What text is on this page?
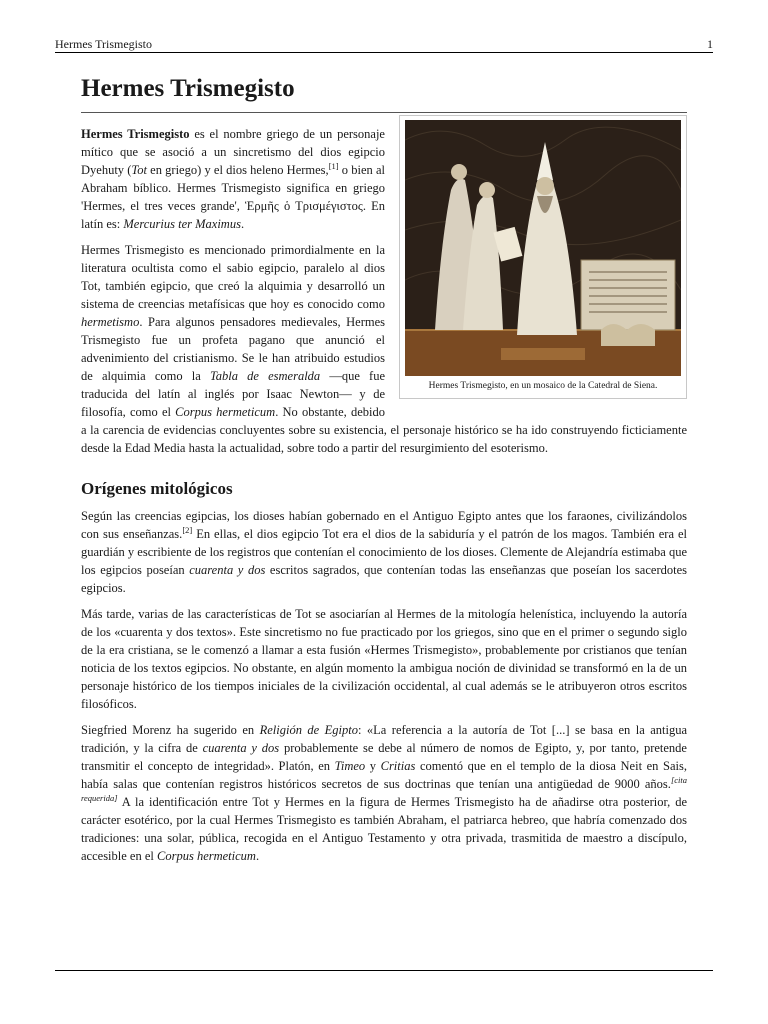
Hermes Trismegisto	1
Hermes Trismegisto
Hermes Trismegisto, en un mosaico de la Catedral de Siena.

Hermes Trismegisto es el nombre griego de un personaje mítico que se asoció a un sincretismo del dios egipcio Dyehuty (Tot en griego) y el dios heleno Hermes,[1] o bien al Abraham bíblico. Hermes Trismegisto significa en griego 'Hermes, el tres veces grande', Ἑρμῆς ὁ Τρισμέγιστος. En latín es: Mercurius ter Maximus.

Hermes Trismegisto es mencionado primordialmente en la literatura ocultista como el sabio egipcio, paralelo al dios Tot, también egipcio, que creó la alquimia y desarrolló un sistema de creencias metafísicas que hoy es conocido como hermetismo. Para algunos pensadores medievales, Hermes Trismegisto fue un profeta pagano que anunció el advenimiento del cristianismo. Se le han atribuido estudios de alquimia como la Tabla de esmeralda —que fue traducida del latín al inglés por Isaac Newton— y de filosofía, como el Corpus hermeticum. No obstante, debido a la carencia de evidencias concluyentes sobre su existencia, el personaje histórico se ha ido construyendo ficticiamente desde la Edad Media hasta la actualidad, sobre todo a partir del resurgimiento del esoterismo.

Orígenes mitológicos

Según las creencias egipcias, los dioses habían gobernado en el Antiguo Egipto antes que los faraones, civilizándolos con sus enseñanzas.[2] En ellas, el dios egipcio Tot era el dios de la sabiduría y el patrón de los magos. También era el guardián y escribiente de los registros que contenían el conocimiento de los dioses. Clemente de Alejandría estimaba que los egipcios poseían cuarenta y dos escritos sagrados, que contenían todas las enseñanzas que poseían los sacerdotes egipcios.

Más tarde, varias de las características de Tot se asociarían al Hermes de la mitología helenística, incluyendo la autoría de los «cuarenta y dos textos». Este sincretismo no fue practicado por los griegos, sino que en el primer o segundo siglo de la era cristiana, se le comenzó a llamar a esta fusión «Hermes Trismegisto», probablemente por cristianos que tenían noticia de los textos egipcios. No obstante, en algún momento la ambigua noción de divinidad se transformó en la de un personaje histórico de los tiempos iniciales de la civilización occidental, al cual además se le atribuyeron otros escritos filosóficos.

Siegfried Morenz ha sugerido en Religión de Egipto: «La referencia a la autoría de Tot [...] se basa en la antigua tradición, y la cifra de cuarenta y dos probablemente se debe al número de nomos de Egipto, y, por tanto, pretende transmitir el concepto de integridad». Platón, en Timeo y Critias comentó que en el templo de la diosa Neit en Sais, había salas que contenían registros históricos secretos de sus doctrinas que tenían una antigüedad de 9000 años.[cita requerida] A la identificación entre Tot y Hermes en la figura de Hermes Trismegisto ha de añadirse otra posterior, de carácter esotérico, por la cual Hermes Trismegisto es también Abraham, el patriarca hebreo, que habría comenzado dos tradiciones: una solar, pública, recogida en el Antiguo Testamento y otra privada, trasmitida de maestro a discípulo, accesible en el Corpus hermeticum.
